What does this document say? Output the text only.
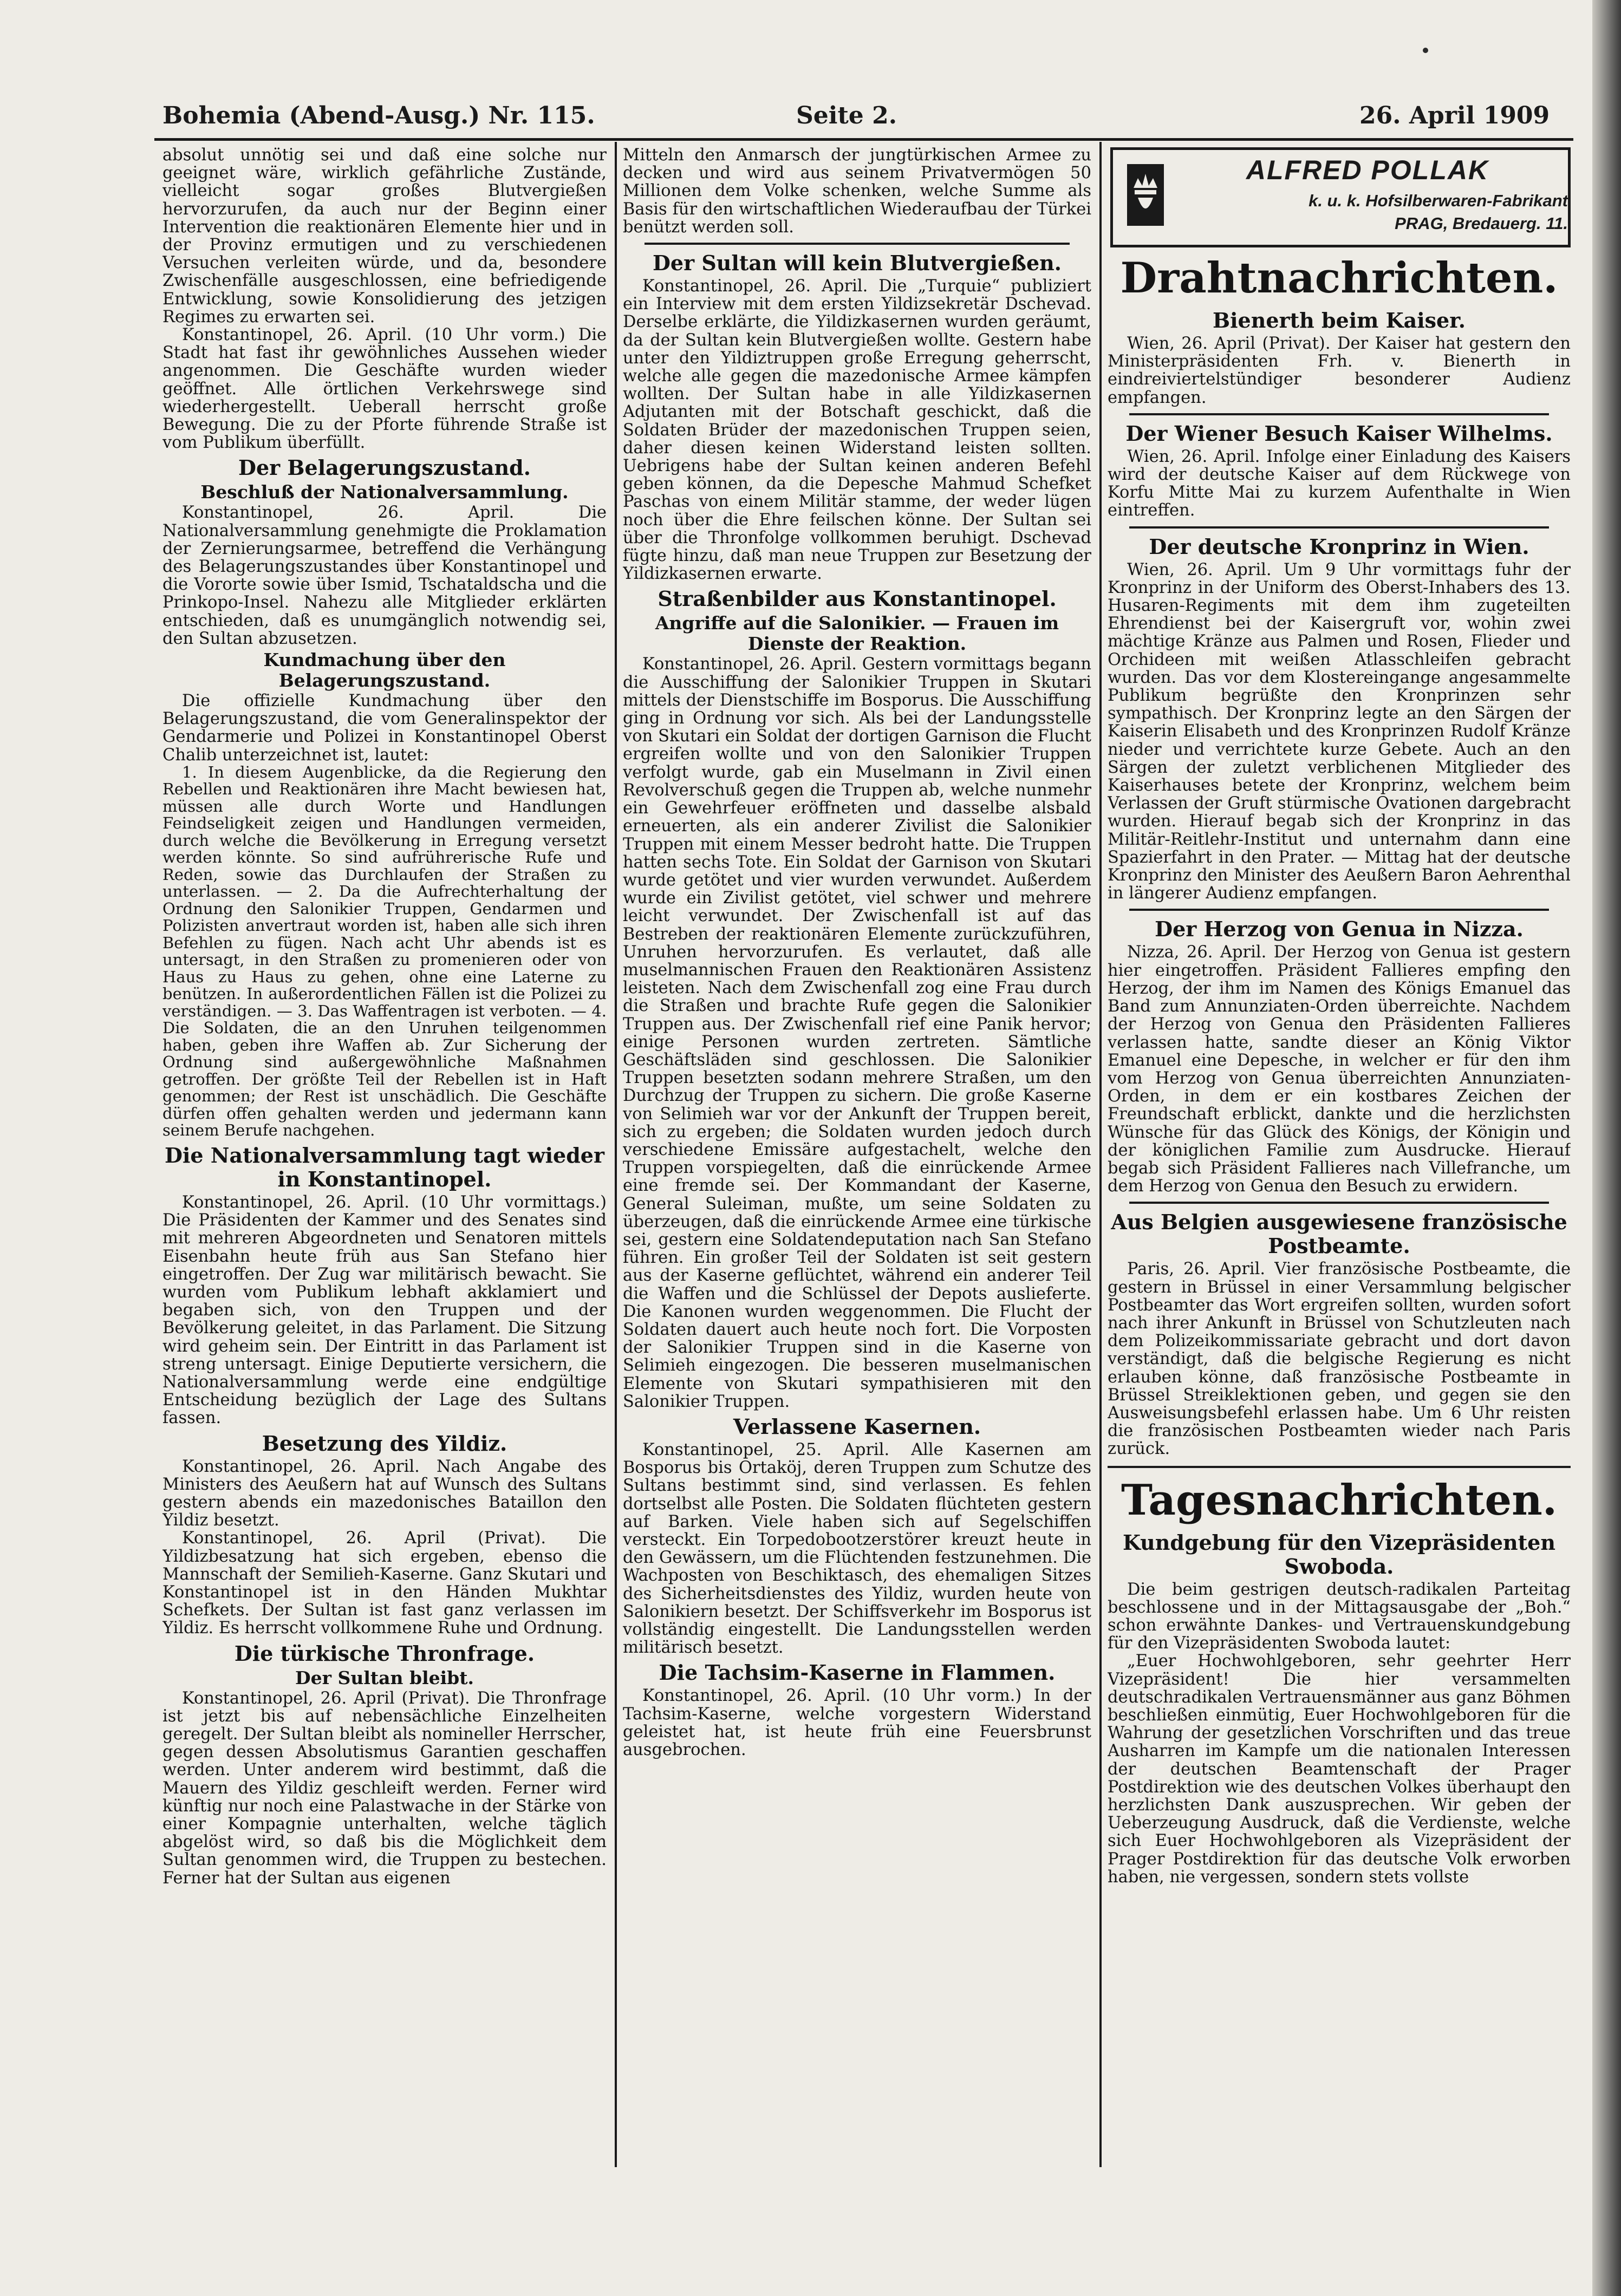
Bohemia (Abend-Ausg.) Nr. 115.	Seite 2.	26. April 1909

absolut unnötig sei und daß eine solche nur geeignet wäre, wirklich gefährliche Zustände, vielleicht sogar großes Blutvergießen hervorzurufen, da auch nur der Beginn einer Intervention die reaktionären Elemente hier und in der Provinz ermutigen und zu verschiedenen Versuchen verleiten würde, und da, besondere Zwischenfälle ausgeschlossen, eine befriedigende Entwicklung, sowie Konsolidierung des jetzigen Regimes zu erwarten sei.

Konstantinopel, 26. April. (10 Uhr vorm.) Die Stadt hat fast ihr gewöhnliches Aussehen wieder angenommen. Die Geschäfte wurden wieder geöffnet. Alle örtlichen Verkehrswege sind wiederhergestellt. Ueberall herrscht große Bewegung. Die zu der Pforte führende Straße ist vom Publikum überfüllt.

Der Belagerungszustand.
Beschluß der Nationalversammlung.

Konstantinopel, 26. April. Die Nationalversammlung genehmigte die Proklamation der Zernierungsarmee, betreffend die Verhängung des Belagerungszustandes über Konstantinopel und die Vororte sowie über Ismid, Tschataldscha und die Prinkopo-Insel. Nahezu alle Mitglieder erklärten entschieden, daß es unumgänglich notwendig sei, den Sultan abzusetzen.

Kundmachung über den Belagerungszustand.

Die offizielle Kundmachung über den Belagerungszustand, die vom Generalinspektor der Gendarmerie und Polizei in Konstantinopel Oberst Chalib unterzeichnet ist, lautet:

1. In diesem Augenblicke, da die Regierung den Rebellen und Reaktionären ihre Macht bewiesen hat, müssen alle durch Worte und Handlungen Feindseligkeit zeigen und Handlungen vermeiden, durch welche die Bevölkerung in Erregung versetzt werden könnte. So sind aufrührerische Rufe und Reden, sowie das Durchlaufen der Straßen zu unterlassen. — 2. Da die Aufrechterhaltung der Ordnung den Salonikier Truppen, Gendarmen und Polizisten anvertraut worden ist, haben alle sich ihren Befehlen zu fügen. Nach acht Uhr abends ist es untersagt, in den Straßen zu promenieren oder von Haus zu Haus zu gehen, ohne eine Laterne zu benützen. In außerordentlichen Fällen ist die Polizei zu verständigen. — 3. Das Waffentragen ist verboten. — 4. Die Soldaten, die an den Unruhen teilgenommen haben, geben ihre Waffen ab. Zur Sicherung der Ordnung sind außergewöhnliche Maßnahmen getroffen. Der größte Teil der Rebellen ist in Haft genommen; der Rest ist unschädlich. Die Geschäfte dürfen offen gehalten werden und jedermann kann seinem Berufe nachgehen.

Die Nationalversammlung tagt wieder in Konstantinopel.

Konstantinopel, 26. April. (10 Uhr vormittags.) Die Präsidenten der Kammer und des Senates sind mit mehreren Abgeordneten und Senatoren mittels Eisenbahn heute früh aus San Stefano hier eingetroffen. Der Zug war militärisch bewacht. Sie wurden vom Publikum lebhaft akklamiert und begaben sich, von den Truppen und der Bevölkerung geleitet, in das Parlament. Die Sitzung wird geheim sein. Der Eintritt in das Parlament ist streng untersagt. Einige Deputierte versichern, die Nationalversammlung werde eine endgültige Entscheidung bezüglich der Lage des Sultans fassen.

Besetzung des Yildiz.

Konstantinopel, 26. April. Nach Angabe des Ministers des Aeußern hat auf Wunsch des Sultans gestern abends ein mazedonisches Bataillon den Yildiz besetzt.

Konstantinopel, 26. April (Privat). Die Yildizbesatzung hat sich ergeben, ebenso die Mannschaft der Semilieh-Kaserne. Ganz Skutari und Konstantinopel ist in den Händen Mukhtar Schefkets. Der Sultan ist fast ganz verlassen im Yildiz. Es herrscht vollkommene Ruhe und Ordnung.

Die türkische Thronfrage.
Der Sultan bleibt.

Konstantinopel, 26. April (Privat). Die Thronfrage ist jetzt bis auf nebensächliche Einzelheiten geregelt. Der Sultan bleibt als nomineller Herrscher, gegen dessen Absolutismus Garantien geschaffen werden. Unter anderem wird bestimmt, daß die Mauern des Yildiz geschleift werden. Ferner wird künftig nur noch eine Palastwache in der Stärke von einer Kompagnie unterhalten, welche täglich abgelöst wird, so daß bis die Möglichkeit dem Sultan genommen wird, die Truppen zu bestechen. Ferner hat der Sultan aus eigenen

Mitteln den Anmarsch der jungtürkischen Armee zu decken und wird aus seinem Privatvermögen 50 Millionen dem Volke schenken, welche Summe als Basis für den wirtschaftlichen Wiederaufbau der Türkei benützt werden soll.

Der Sultan will kein Blutvergießen.

Konstantinopel, 26. April. Die „Turquie“ publiziert ein Interview mit dem ersten Yildizsekretär Dschevad. Derselbe erklärte, die Yildizkasernen wurden geräumt, da der Sultan kein Blutvergießen wollte. Gestern habe unter den Yildiztruppen große Erregung geherrscht, welche alle gegen die mazedonische Armee kämpfen wollten. Der Sultan habe in alle Yildizkasernen Adjutanten mit der Botschaft geschickt, daß die Soldaten Brüder der mazedonischen Truppen seien, daher diesen keinen Widerstand leisten sollten. Uebrigens habe der Sultan keinen anderen Befehl geben können, da die Depesche Mahmud Schefket Paschas von einem Militär stamme, der weder lügen noch über die Ehre feilschen könne. Der Sultan sei über die Thronfolge vollkommen beruhigt. Dschevad fügte hinzu, daß man neue Truppen zur Besetzung der Yildizkasernen erwarte.

Straßenbilder aus Konstantinopel.
Angriffe auf die Salonikier. — Frauen im Dienste der Reaktion.

Konstantinopel, 26. April. Gestern vormittags begann die Ausschiffung der Salonikier Truppen in Skutari mittels der Dienstschiffe im Bosporus. Die Ausschiffung ging in Ordnung vor sich. Als bei der Landungsstelle von Skutari ein Soldat der dortigen Garnison die Flucht ergreifen wollte und von den Salonikier Truppen verfolgt wurde, gab ein Muselmann in Zivil einen Revolverschuß gegen die Truppen ab, welche nunmehr ein Gewehrfeuer eröffneten und dasselbe alsbald erneuerten, als ein anderer Zivilist die Salonikier Truppen mit einem Messer bedroht hatte. Die Truppen hatten sechs Tote. Ein Soldat der Garnison von Skutari wurde getötet und vier wurden verwundet. Außerdem wurde ein Zivilist getötet, viel schwer und mehrere leicht verwundet. Der Zwischenfall ist auf das Bestreben der reaktionären Elemente zurückzuführen, Unruhen hervorzurufen. Es verlautet, daß alle muselmannischen Frauen den Reaktionären Assistenz leisteten. Nach dem Zwischenfall zog eine Frau durch die Straßen und brachte Rufe gegen die Salonikier Truppen aus. Der Zwischenfall rief eine Panik hervor; einige Personen wurden zertreten. Sämtliche Geschäftsläden sind geschlossen. Die Salonikier Truppen besetzten sodann mehrere Straßen, um den Durchzug der Truppen zu sichern. Die große Kaserne von Selimieh war vor der Ankunft der Truppen bereit, sich zu ergeben; die Soldaten wurden jedoch durch verschiedene Emissäre aufgestachelt, welche den Truppen vorspiegelten, daß die einrückende Armee eine fremde sei. Der Kommandant der Kaserne, General Suleiman, mußte, um seine Soldaten zu überzeugen, daß die einrückende Armee eine türkische sei, gestern eine Soldatendeputation nach San Stefano führen. Ein großer Teil der Soldaten ist seit gestern aus der Kaserne geflüchtet, während ein anderer Teil die Waffen und die Schlüssel der Depots auslieferte. Die Kanonen wurden weggenommen. Die Flucht der Soldaten dauert auch heute noch fort. Die Vorposten der Salonikier Truppen sind in die Kaserne von Selimieh eingezogen. Die besseren muselmanischen Elemente von Skutari sympathisieren mit den Salonikier Truppen.

Verlassene Kasernen.

Konstantinopel, 25. April. Alle Kasernen am Bosporus bis Ortaköj, deren Truppen zum Schutze des Sultans bestimmt sind, sind verlassen. Es fehlen dortselbst alle Posten. Die Soldaten flüchteten gestern auf Barken. Viele haben sich auf Segelschiffen versteckt. Ein Torpedobootzerstörer kreuzt heute in den Gewässern, um die Flüchtenden festzunehmen. Die Wachposten von Beschiktasch, des ehemaligen Sitzes des Sicherheitsdienstes des Yildiz, wurden heute von Salonikiern besetzt. Der Schiffsverkehr im Bosporus ist vollständig eingestellt. Die Landungsstellen werden militärisch besetzt.

Die Tachsim-Kaserne in Flammen.

Konstantinopel, 26. April. (10 Uhr vorm.) In der Tachsim-Kaserne, welche vorgestern Widerstand geleistet hat, ist heute früh eine Feuersbrunst ausgebrochen.

ALFRED POLLAK
k. u. k. Hofsilberwaren-Fabrikant
PRAG, Bredauerg. 11.
Drahtnachrichten.
Bienerth beim Kaiser.

Wien, 26. April (Privat). Der Kaiser hat gestern den Ministerpräsidenten Frh. v. Bienerth in eindreiviertelstündiger besonderer Audienz empfangen.

Der Wiener Besuch Kaiser Wilhelms.

Wien, 26. April. Infolge einer Einladung des Kaisers wird der deutsche Kaiser auf dem Rückwege von Korfu Mitte Mai zu kurzem Aufenthalte in Wien eintreffen.

Der deutsche Kronprinz in Wien.

Wien, 26. April. Um 9 Uhr vormittags fuhr der Kronprinz in der Uniform des Oberst-Inhabers des 13. Husaren-Regiments mit dem ihm zugeteilten Ehrendienst bei der Kaisergruft vor, wohin zwei mächtige Kränze aus Palmen und Rosen, Flieder und Orchideen mit weißen Atlasschleifen gebracht wurden. Das vor dem Klostereingange angesammelte Publikum begrüßte den Kronprinzen sehr sympathisch. Der Kronprinz legte an den Särgen der Kaiserin Elisabeth und des Kronprinzen Rudolf Kränze nieder und verrichtete kurze Gebete. Auch an den Särgen der zuletzt verblichenen Mitglieder des Kaiserhauses betete der Kronprinz, welchem beim Verlassen der Gruft stürmische Ovationen dargebracht wurden. Hierauf begab sich der Kronprinz in das Militär-Reitlehr-Institut und unternahm dann eine Spazierfahrt in den Prater. — Mittag hat der deutsche Kronprinz den Minister des Aeußern Baron Aehrenthal in längerer Audienz empfangen.

Der Herzog von Genua in Nizza.

Nizza, 26. April. Der Herzog von Genua ist gestern hier eingetroffen. Präsident Fallieres empfing den Herzog, der ihm im Namen des Königs Emanuel das Band zum Annunziaten-Orden überreichte. Nachdem der Herzog von Genua den Präsidenten Fallieres verlassen hatte, sandte dieser an König Viktor Emanuel eine Depesche, in welcher er für den ihm vom Herzog von Genua überreichten Annunziaten-Orden, in dem er ein kostbares Zeichen der Freundschaft erblickt, dankte und die herzlichsten Wünsche für das Glück des Königs, der Königin und der königlichen Familie zum Ausdrucke. Hierauf begab sich Präsident Fallieres nach Villefranche, um dem Herzog von Genua den Besuch zu erwidern.

Aus Belgien ausgewiesene französische Postbeamte.

Paris, 26. April. Vier französische Postbeamte, die gestern in Brüssel in einer Versammlung belgischer Postbeamter das Wort ergreifen sollten, wurden sofort nach ihrer Ankunft in Brüssel von Schutzleuten nach dem Polizeikommissariate gebracht und dort davon verständigt, daß die belgische Regierung es nicht erlauben könne, daß französische Postbeamte in Brüssel Streiklektionen geben, und gegen sie den Ausweisungsbefehl erlassen habe. Um 6 Uhr reisten die französischen Postbeamten wieder nach Paris zurück.

Tagesnachrichten.
Kundgebung für den Vizepräsidenten Swoboda.

Die beim gestrigen deutsch-radikalen Parteitag beschlossene und in der Mittagsausgabe der „Boh.“ schon erwähnte Dankes- und Vertrauenskundgebung für den Vizepräsidenten Swoboda lautet:

„Euer Hochwohlgeboren, sehr geehrter Herr Vizepräsident! Die hier versammelten deutschradikalen Vertrauensmänner aus ganz Böhmen beschließen einmütig, Euer Hochwohlgeboren für die Wahrung der gesetzlichen Vorschriften und das treue Ausharren im Kampfe um die nationalen Interessen der deutschen Beamtenschaft der Prager Postdirektion wie des deutschen Volkes überhaupt den herzlichsten Dank auszusprechen. Wir geben der Ueberzeugung Ausdruck, daß die Verdienste, welche sich Euer Hochwohlgeboren als Vizepräsident der Prager Postdirektion für das deutsche Volk erworben haben, nie vergessen, sondern stets vollste
